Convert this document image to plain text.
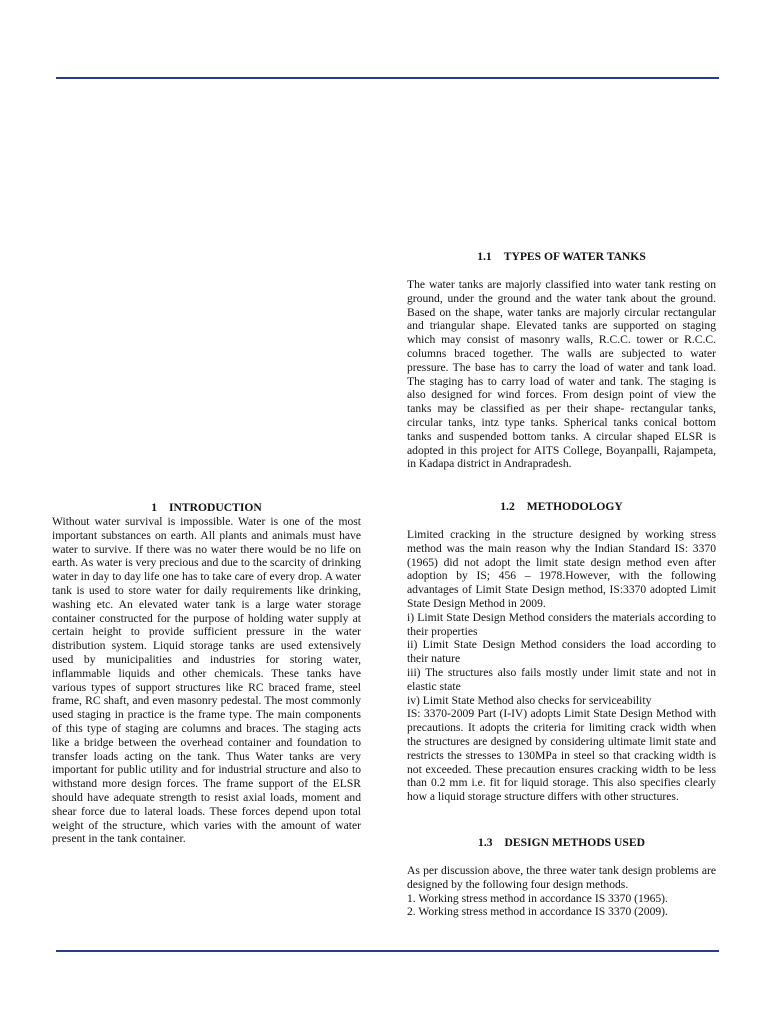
1 INTRODUCTION

Without water survival is impossible. Water is one of the most important substances on earth. All plants and animals must have water to survive. If there was no water there would be no life on earth. As water is very precious and due to the scarcity of drinking water in day to day life one has to take care of every drop. A water tank is used to store water for daily requirements like drinking, washing etc. An elevated water tank is a large water storage container constructed for the purpose of holding water supply at certain height to provide sufficient pressure in the water distribution system. Liquid storage tanks are used extensively used by municipalities and industries for storing water, inflammable liquids and other chemicals. These tanks have various types of support structures like RC braced frame, steel frame, RC shaft, and even masonry pedestal. The most commonly used staging in practice is the frame type. The main components of this type of staging are columns and braces. The staging acts like a bridge between the overhead container and foundation to transfer loads acting on the tank. Thus Water tanks are very important for public utility and for industrial structure and also to withstand more design forces. The frame support of the ELSR should have adequate strength to resist axial loads, moment and shear force due to lateral loads. These forces depend upon total weight of the structure, which varies with the amount of water present in the tank container.

1.1 TYPES OF WATER TANKS

The water tanks are majorly classified into water tank resting on ground, under the ground and the water tank about the ground. Based on the shape, water tanks are majorly circular rectangular and triangular shape. Elevated tanks are supported on staging which may consist of masonry walls, R.C.C. tower or R.C.C. columns braced together. The walls are subjected to water pressure. The base has to carry the load of water and tank load. The staging has to carry load of water and tank. The staging is also designed for wind forces. From design point of view the tanks may be classified as per their shape- rectangular tanks, circular tanks, intz type tanks. Spherical tanks conical bottom tanks and suspended bottom tanks. A circular shaped ELSR is adopted in this project for AITS College, Boyanpalli, Rajampeta, in Kadapa district in Andrapradesh.

1.2 METHODOLOGY

Limited cracking in the structure designed by working stress method was the main reason why the Indian Standard IS: 3370 (1965) did not adopt the limit state design method even after adoption by IS; 456 – 1978.However, with the following advantages of Limit State Design method, IS:3370 adopted Limit State Design Method in 2009.

i) Limit State Design Method considers the materials according to their properties

ii) Limit State Design Method considers the load according to their nature

iii) The structures also fails mostly under limit state and not in elastic state

iv) Limit State Method also checks for serviceability

IS: 3370-2009 Part (I-IV) adopts Limit State Design Method with precautions. It adopts the criteria for limiting crack width when the structures are designed by considering ultimate limit state and restricts the stresses to 130MPa in steel so that cracking width is not exceeded. These precaution ensures cracking width to be less than 0.2 mm i.e. fit for liquid storage. This also specifies clearly how a liquid storage structure differs with other structures.

1.3 DESIGN METHODS USED

As per discussion above, the three water tank design problems are designed by the following four design methods.

1. Working stress method in accordance IS 3370 (1965).

2. Working stress method in accordance IS 3370 (2009).
